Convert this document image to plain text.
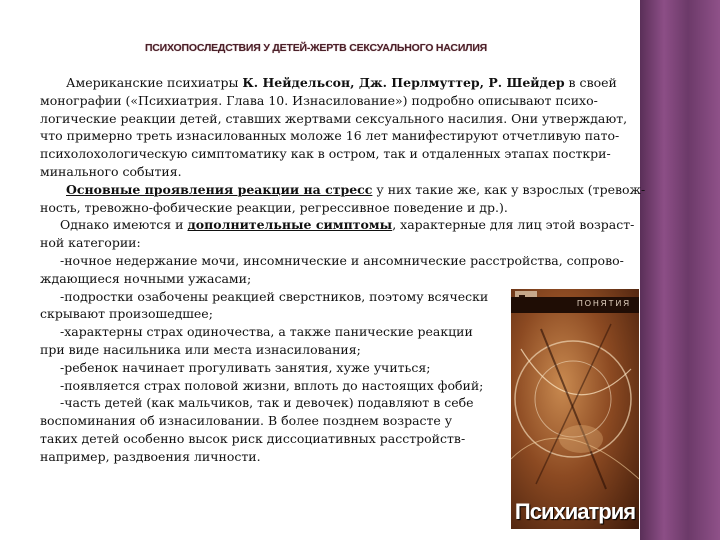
ПСИХОПОСЛЕДСТВИЯ У ДЕТЕЙ-ЖЕРТВ СЕКСУАЛЬНОГО НАСИЛИЯ
Американские психиатры К. Нейдельсон, Дж. Перлмуттер, Р. Шейдер в своей
монографии («Психиатрия. Глава 10. Изнасилование») подробно описывают психо-
логические реакции детей, ставших жертвами сексуального насилия. Они утверждают,
что примерно треть изнасилованных моложе 16 лет манифестируют отчетливую пато-
психолохологическую симптоматику как в остром, так и отдаленных этапах посткри-
минального события.
Основные проявления реакции на стресс у них такие же, как у взрослых (тревож-
ность, тревожно-фобические реакции, регрессивное поведение и др.).
Однако имеются и дополнительные симптомы, характерные для лиц этой возраст-
ной категории:
-ночное недержание мочи, инсомнические и ансомнические расстройства, сопрово-
ждающиеся ночными ужасами;
-подростки озабочены реакцией сверстников, поэтому всячески
скрывают произошедшее;
-характерны страх одиночества, а также панические реакции
при виде насильника или места изнасилования;
-ребенок начинает прогуливать занятия, хуже учиться;
-появляется страх половой жизни, вплоть до настоящих фобий;
-часть детей (как мальчиков, так и девочек) подавляют в себе
воспоминания об изнасиловании. В более позднем возрасте у
таких детей особенно высок риск диссоциативных расстройств-
например, раздвоения личности.
ПОНЯТИЯ
Психиатрия
